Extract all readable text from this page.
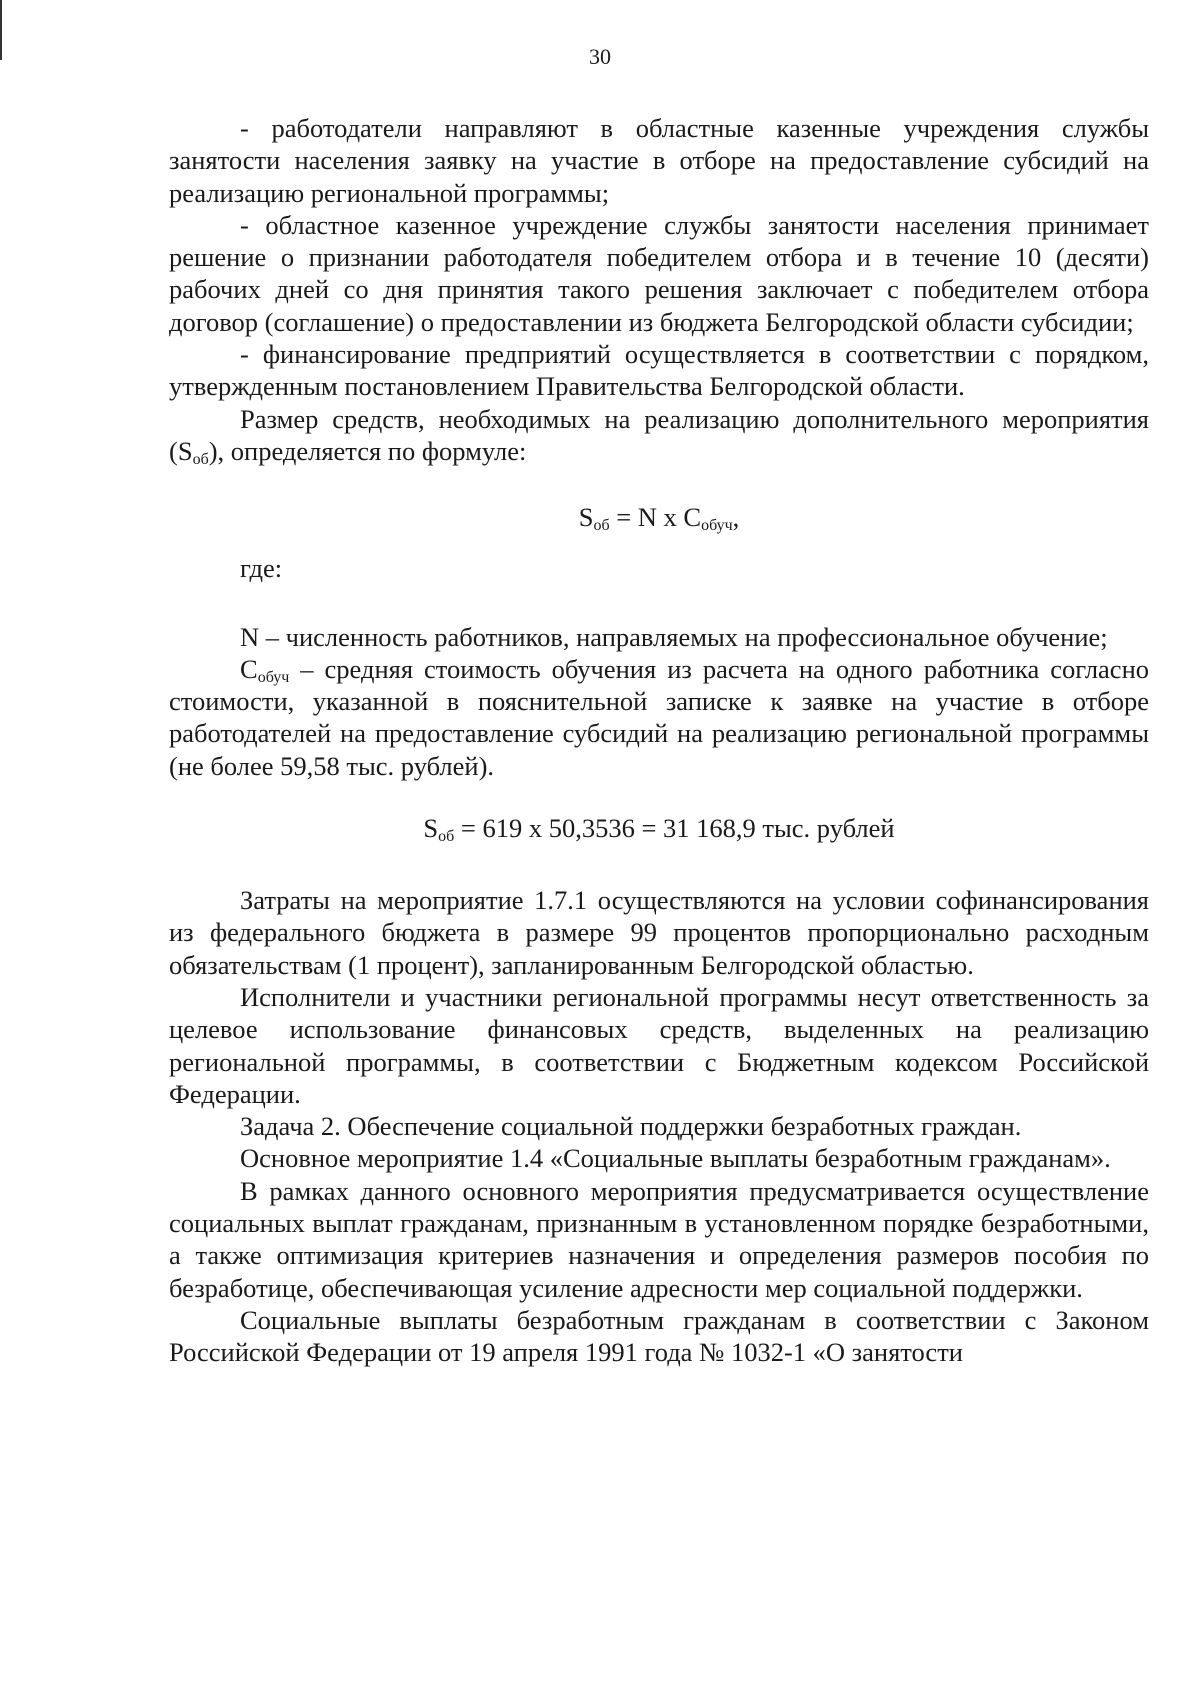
30

- работодатели направляют в областные казенные учреждения службы занятости населения заявку на участие в отборе на предоставление субсидий на реализацию региональной программы;

- областное казенное учреждение службы занятости населения принимает решение о признании работодателя победителем отбора и в течение 10 (десяти) рабочих дней со дня принятия такого решения заключает с победителем отбора договор (соглашение) о предоставлении из бюджета Белгородской области субсидии;

- финансирование предприятий осуществляется в соответствии с порядком, утвержденным постановлением Правительства Белгородской области.

Размер средств, необходимых на реализацию дополнительного мероприятия $(S_{об})$, определяется по формуле:

$S_{об} = N$ x $C_{обуч}$,

где:

N – численность работников, направляемых на профессиональное обучение;

$C_{обуч}$ – средняя стоимость обучения из расчета на одного работника согласно стоимости, указанной в пояснительной записке к заявке на участие в отборе работодателей на предоставление субсидий на реализацию региональной программы (не более 59,58 тыс. рублей).

$S_{об} = 619$ x 50,3536 = 31 168,9 тыс. рублей

Затраты на мероприятие 1.7.1 осуществляются на условии софинансирования из федерального бюджета в размере 99 процентов пропорционально расходным обязательствам (1 процент), запланированным Белгородской областью.

Исполнители и участники региональной программы несут ответственность за целевое использование финансовых средств, выделенных на реализацию региональной программы, в соответствии с Бюджетным кодексом Российской Федерации.

Задача 2. Обеспечение социальной поддержки безработных граждан.

Основное мероприятие 1.4 «Социальные выплаты безработным гражданам».

В рамках данного основного мероприятия предусматривается осуществление социальных выплат гражданам, признанным в установленном порядке безработными, а также оптимизация критериев назначения и определения размеров пособия по безработице, обеспечивающая усиление адресности мер социальной поддержки.

Социальные выплаты безработным гражданам в соответствии с Законом Российской Федерации от 19 апреля 1991 года № 1032-1 «О занятости
